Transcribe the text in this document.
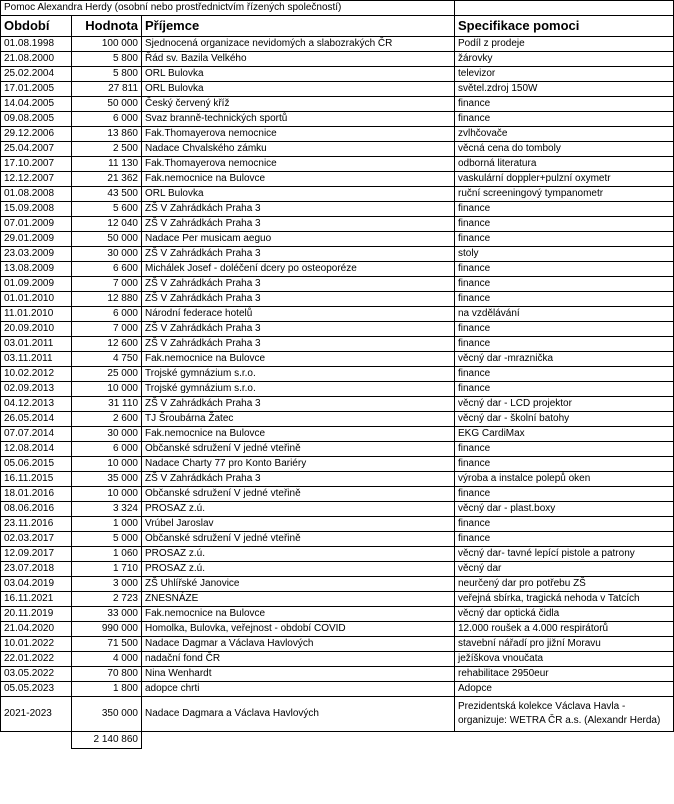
Pomoc Alexandra Herdy (osobní nebo prostřednictvím řízených společností)			
Období	Hodnota	Příjemce	Specifikace pomoci
01.08.1998	100 000	Sjednocená organizace nevidomých a slabozrakých ČR	Podíl z prodeje
21.08.2000	5 800	Řád sv. Bazila Velkého	žárovky
25.02.2004	5 800	ORL Bulovka	televizor
17.01.2005	27 811	ORL Bulovka	světel.zdroj 150W
14.04.2005	50 000	Český červený kříž	finance
09.08.2005	6 000	Svaz branně-technických sportů	finance
29.12.2006	13 860	Fak.Thomayerova nemocnice	zvlhčovače
25.04.2007	2 500	Nadace Chvalského zámku	věcná cena do tomboly
17.10.2007	11 130	Fak.Thomayerova nemocnice	odborná literatura
12.12.2007	21 362	Fak.nemocnice na Bulovce	vaskulární doppler+pulzní oxymetr
01.08.2008	43 500	ORL Bulovka	ruční screeningový tympanometr
15.09.2008	5 600	ZŠ V Zahrádkách Praha 3	finance
07.01.2009	12 040	ZŠ V Zahrádkách Praha 3	finance
29.01.2009	50 000	Nadace Per musicam aeguo	finance
23.03.2009	30 000	ZŠ V Zahrádkách Praha 3	stoly
13.08.2009	6 600	Michálek Josef - doléčení dcery po osteoporéze	finance
01.09.2009	7 000	ZŠ V Zahrádkách Praha 3	finance
01.01.2010	12 880	ZŠ V Zahrádkách Praha 3	finance
11.01.2010	6 000	Národní federace hotelů	na vzdělávání
20.09.2010	7 000	ZŠ V Zahrádkách Praha 3	finance
03.01.2011	12 600	ZŠ V Zahrádkách Praha 3	finance
03.11.2011	4 750	Fak.nemocnice na Bulovce	věcný dar -mraznička
10.02.2012	25 000	Trojské gymnázium s.r.o.	finance
02.09.2013	10 000	Trojské gymnázium s.r.o.	finance
04.12.2013	31 110	ZŠ V Zahrádkách Praha 3	věcný dar - LCD projektor
26.05.2014	2 600	TJ Šroubárna Žatec	věcný dar - školní batohy
07.07.2014	30 000	Fak.nemocnice na Bulovce	EKG CardiMax
12.08.2014	6 000	Občanské sdružení V jedné vteřině	finance
05.06.2015	10 000	Nadace Charty 77 pro Konto Bariéry	finance
16.11.2015	35 000	ZŠ V Zahrádkách Praha 3	výroba a instalce polepů oken
18.01.2016	10 000	Občanské sdružení V jedné vteřině	finance
08.06.2016	3 324	PROSAZ z.ú.	věcný dar - plast.boxy
23.11.2016	1 000	Vrúbel Jaroslav	finance
02.03.2017	5 000	Občanské sdružení V jedné vteřině	finance
12.09.2017	1 060	PROSAZ z.ú.	věcný dar- tavné lepící pistole a patrony
23.07.2018	1 710	PROSAZ z.ú.	věcný dar
03.04.2019	3 000	ZŠ Uhlířské Janovice	neurčený dar pro potřebu ZŠ
16.11.2021	2 723	ZNESNÁZE	veřejná sbírka, tragická nehoda v Tatcích
20.11.2019	33 000	Fak.nemocnice na Bulovce	věcný dar optická čidla
21.04.2020	990 000	Homolka, Bulovka, veřejnost - období COVID	12.000 roušek a 4.000 respirátorů
10.01.2022	71 500	Nadace Dagmar a Václava Havlových	stavební nářadí pro jižní Moravu
22.01.2022	4 000	nadační fond ČR	ježíškova vnoučata
03.05.2022	70 800	Nina Wenhardt	rehabilitace 2950eur
05.05.2023	1 800	adopce chrti	Adopce
2021-2023	350 000	Nadace Dagmara a Václava Havlových	Prezidentská kolekce Václava Havla - organizuje: WETRA ČR a.s. (Alexandr Herda)
	2 140 860		
